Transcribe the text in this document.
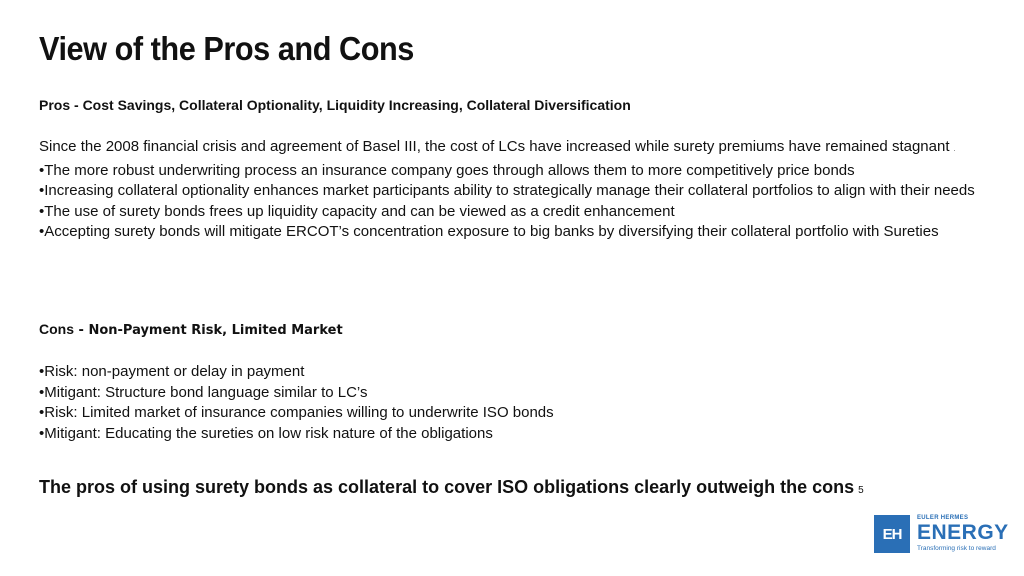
View of the Pros and Cons
Pros - Cost Savings, Collateral Optionality, Liquidity Increasing, Collateral Diversification

Since the 2008 financial crisis and agreement of Basel III, the cost of LCs have increased while surety premiums have remained stagnant .

•The more robust underwriting process an insurance company goes through allows them to more competitively price bonds

•Increasing collateral optionality enhances market participants ability to strategically manage their collateral portfolios to align with their needs

•The use of surety bonds frees up liquidity capacity and can be viewed as a credit enhancement

•Accepting surety bonds will mitigate ERCOT’s concentration exposure to big banks by diversifying their collateral portfolio with Sureties

Cons - Non-Payment Risk, Limited Market

•Risk: non-payment or delay in payment

•Mitigant: Structure bond language similar to LC’s

•Risk: Limited market of insurance companies willing to underwrite ISO bonds

•Mitigant: Educating the sureties on low risk nature of the obligations

The pros of using surety bonds as collateral to cover ISO obligations clearly outweigh the cons 5
EH
EULER HERMES
ENERGY
Transforming risk to reward
